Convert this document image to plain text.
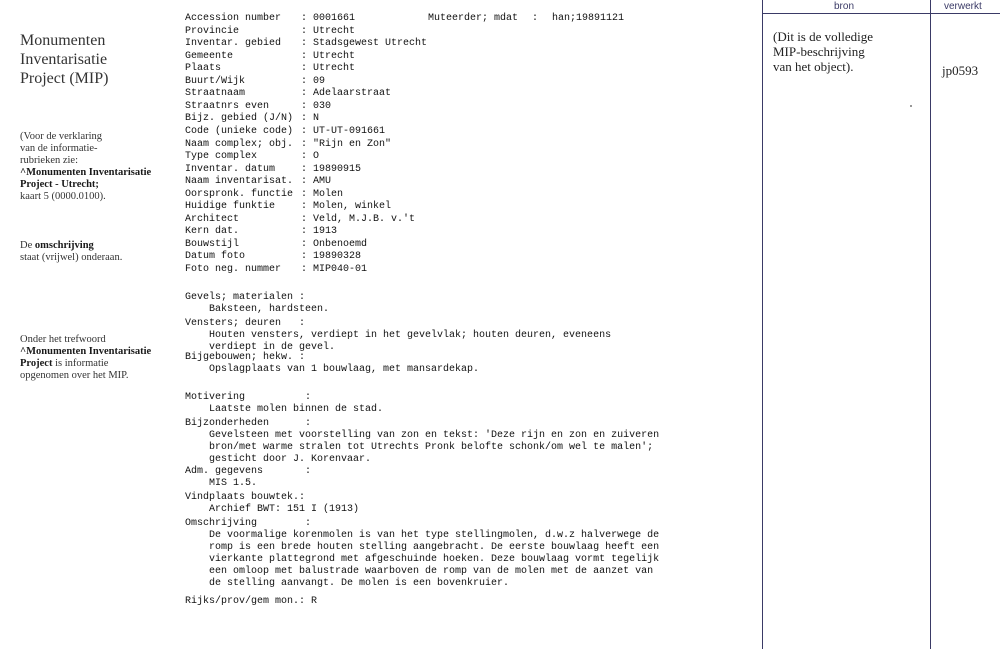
Monumenten
Inventarisatie
Project (MIP)
(Voor de verklaring
van de informatie-
rubrieken zie:
^Monumenten Inventarisatie
Project - Utrecht;
kaart 5 (0000.0100).
De omschrijving
staat (vrijwel) onderaan.
Onder het trefwoord
^Monumenten Inventarisatie
Project is informatie
opgenomen over het MIP.
Accession number : 0001661
Provincie	: Utrecht
Inventar. gebied : Stadsgewest Utrecht
Gemeente	: Utrecht
Plaats	: Utrecht
Buurt/Wijk	: 09
Straatnaam	: Adelaarstraat
Straatnrs even	: 030
Bijz. gebied (J/N) : N
Code (unieke code) : UT-UT-091661
Naam complex; obj. : "Rijn en Zon"
Type complex	: O
Inventar. datum	: 19890915
Naam inventarisat. : AMU
Oorspronk. functie : Molen
Huidige funktie	: Molen, winkel
Architect	: Veld, M.J.B. v.'t
Kern dat.	: 1913
Bouwstijl	: Onbenoemd
Datum foto	: 19890328
Foto neg. nummer : MIP040-01
Muteerder; mdat : han;19891121
Gevels; materialen :
Baksteen, hardsteen.
Vensters; deuren   :
Houten vensters, verdiept in het gevelvlak; houten deuren, eveneens
verdiept in de gevel.
Bijgebouwen; hekw. :
Opslagplaats van 1 bouwlaag, met mansardekap.
Motivering          :
Laatste molen binnen de stad.
Bijzonderheden      :
Gevelsteen met voorstelling van zon en tekst: 'Deze rijn en zon en zuiveren
bron/met warme stralen tot Utrechts Pronk belofte schonk/om wel te malen';
gesticht door J. Korenvaar.
Adm. gegevens       :
MIS 1.5.
Vindplaats bouwtek.:
Archief BWT: 151 I (1913)
Omschrijving        :
De voormalige korenmolen is van het type stellingmolen, d.w.z halverwege de
romp is een brede houten stelling aangebracht. De eerste bouwlaag heeft een
vierkante plattegrond met afgeschuinde hoeken. Deze bouwlaag vormt tegelijk
een omloop met balustrade waarboven de romp van de molen met de aanzet van
de stelling aanvangt. De molen is een bovenkruier.
Rijks/prov/gem mon.: R
bron	verwerkt
(Dit is de volledige
MIP-beschrijving
van het object).	jp0593
